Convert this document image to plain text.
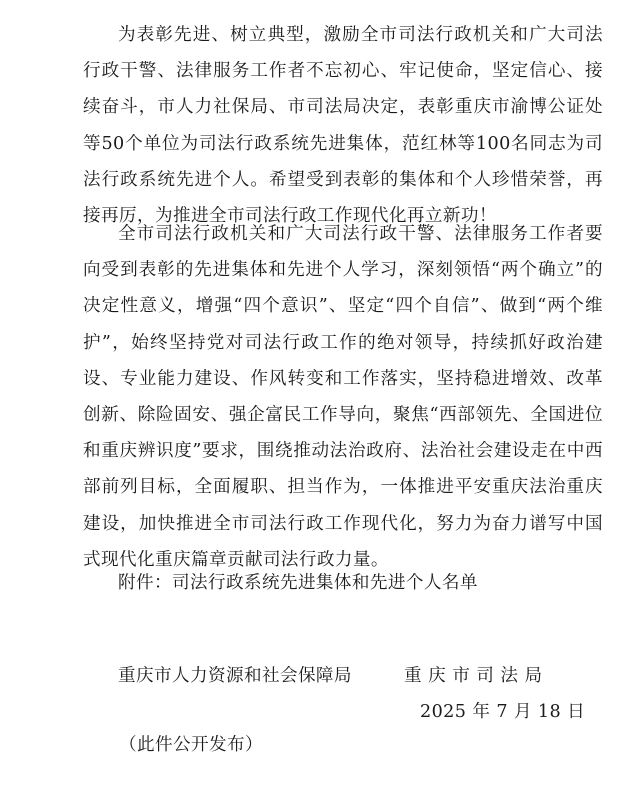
为表彰先进、树立典型，激励全市司法行政机关和广大司法行政干警、法律服务工作者不忘初心、牢记使命，坚定信心、接续奋斗，市人力社保局、市司法局决定，表彰重庆市渝博公证处等50个单位为司法行政系统先进集体，范红林等100名同志为司法行政系统先进个人。希望受到表彰的集体和个人珍惜荣誉，再接再厉，为推进全市司法行政工作现代化再立新功！

全市司法行政机关和广大司法行政干警、法律服务工作者要向受到表彰的先进集体和先进个人学习，深刻领悟“两个确立”的决定性意义，增强“四个意识”、坚定“四个自信”、做到“两个维护”，始终坚持党对司法行政工作的绝对领导，持续抓好政治建设、专业能力建设、作风转变和工作落实，坚持稳进增效、改革创新、除险固安、强企富民工作导向，聚焦“西部领先、全国进位和重庆辨识度”要求，围绕推动法治政府、法治社会建设走在中西部前列目标，全面履职、担当作为，一体推进平安重庆法治重庆建设，加快推进全市司法行政工作现代化，努力为奋力谱写中国式现代化重庆篇章贡献司法行政力量。

附件：司法行政系统先进集体和先进个人名单

重庆市人力资源和社会保障局	重庆市司法局
2025 年 7 月 18 日
（此件公开发布）
